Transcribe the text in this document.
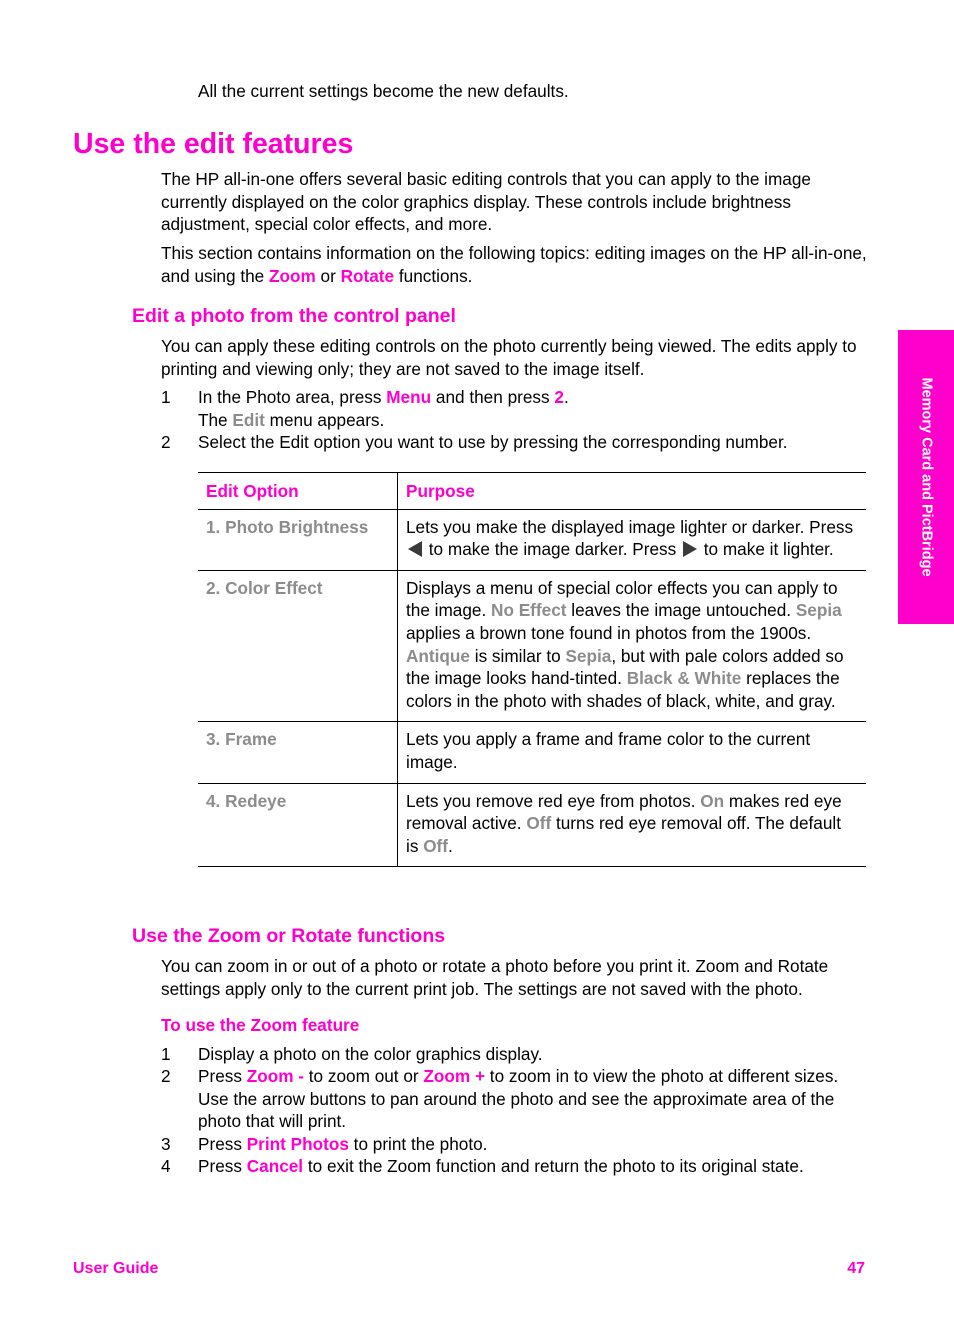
All the current settings become the new defaults.
Use the edit features

The HP all-in-one offers several basic editing controls that you can apply to the image currently displayed on the color graphics display. These controls include brightness adjustment, special color effects, and more.

This section contains information on the following topics: editing images on the HP all-in-one, and using the Zoom or Rotate functions.

Edit a photo from the control panel

You can apply these editing controls on the photo currently being viewed. The edits apply to printing and viewing only; they are not saved to the image itself.

1 In the Photo area, press Menu and then press 2.
The Edit menu appears.
2 Select the Edit option you want to use by pressing the corresponding number.
Edit Option	Purpose
1. Photo Brightness	Lets you make the displayed image lighter or darker. Press  to make the image darker. Press  to make it lighter.
2. Color Effect	Displays a menu of special color effects you can apply to the image. No Effect leaves the image untouched. Sepia applies a brown tone found in photos from the 1900s. Antique is similar to Sepia, but with pale colors added so the image looks hand-tinted. Black & White replaces the colors in the photo with shades of black, white, and gray.
3. Frame	Lets you apply a frame and frame color to the current image.
4. Redeye	Lets you remove red eye from photos. On makes red eye removal active. Off turns red eye removal off. The default is Off.
Use the Zoom or Rotate functions

You can zoom in or out of a photo or rotate a photo before you print it. Zoom and Rotate settings apply only to the current print job. The settings are not saved with the photo.

To use the Zoom feature
1 Display a photo on the color graphics display.
2 Press Zoom - to zoom out or Zoom + to zoom in to view the photo at different sizes. Use the arrow buttons to pan around the photo and see the approximate area of the photo that will print.
3 Press Print Photos to print the photo.
4 Press Cancel to exit the Zoom function and return the photo to its original state.
Memory Card and PictBridge
User Guide	47
